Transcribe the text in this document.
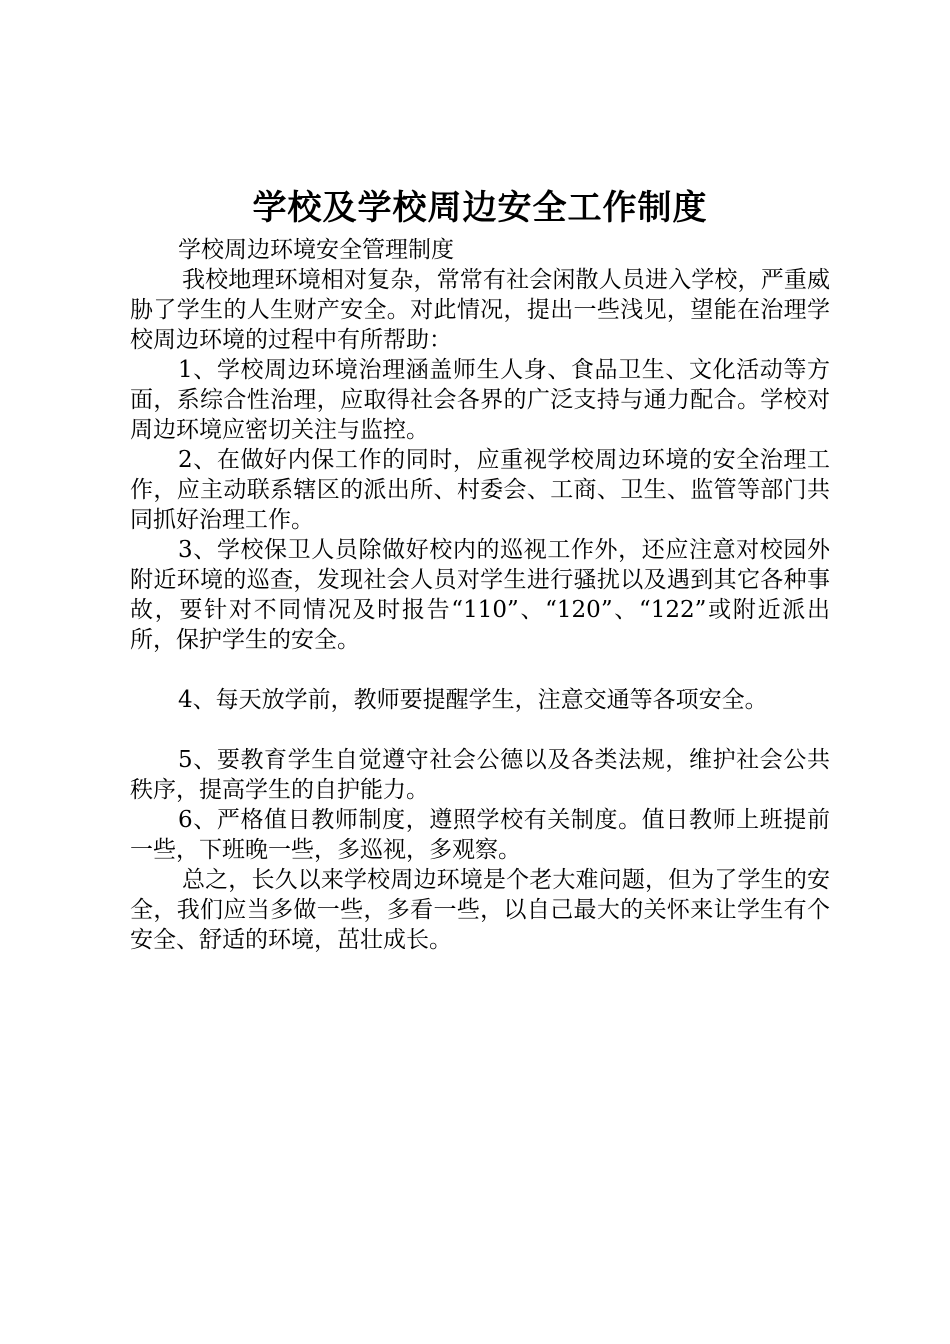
学校及学校周边安全工作制度

学校周边环境安全管理制度

我校地理环境相对复杂，常常有社会闲散人员进入学校，严重威胁了学生的人生财产安全。对此情况，提出一些浅见，望能在治理学校周边环境的过程中有所帮助：

1、学校周边环境治理涵盖师生人身、食品卫生、文化活动等方面，系综合性治理，应取得社会各界的广泛支持与通力配合。学校对周边环境应密切关注与监控。

2、在做好内保工作的同时，应重视学校周边环境的安全治理工作，应主动联系辖区的派出所、村委会、工商、卫生、监管等部门共同抓好治理工作。

3、学校保卫人员除做好校内的巡视工作外，还应注意对校园外附近环境的巡查，发现社会人员对学生进行骚扰以及遇到其它各种事故，要针对不同情况及时报告“110”、“120”、“122”或附近派出所，保护学生的安全。

4、每天放学前，教师要提醒学生，注意交通等各项安全。

5、要教育学生自觉遵守社会公德以及各类法规，维护社会公共秩序，提高学生的自护能力。

6、严格值日教师制度，遵照学校有关制度。值日教师上班提前一些，下班晚一些，多巡视，多观察。

总之，长久以来学校周边环境是个老大难问题，但为了学生的安全，我们应当多做一些，多看一些，以自己最大的关怀来让学生有个安全、舒适的环境，茁壮成长。
